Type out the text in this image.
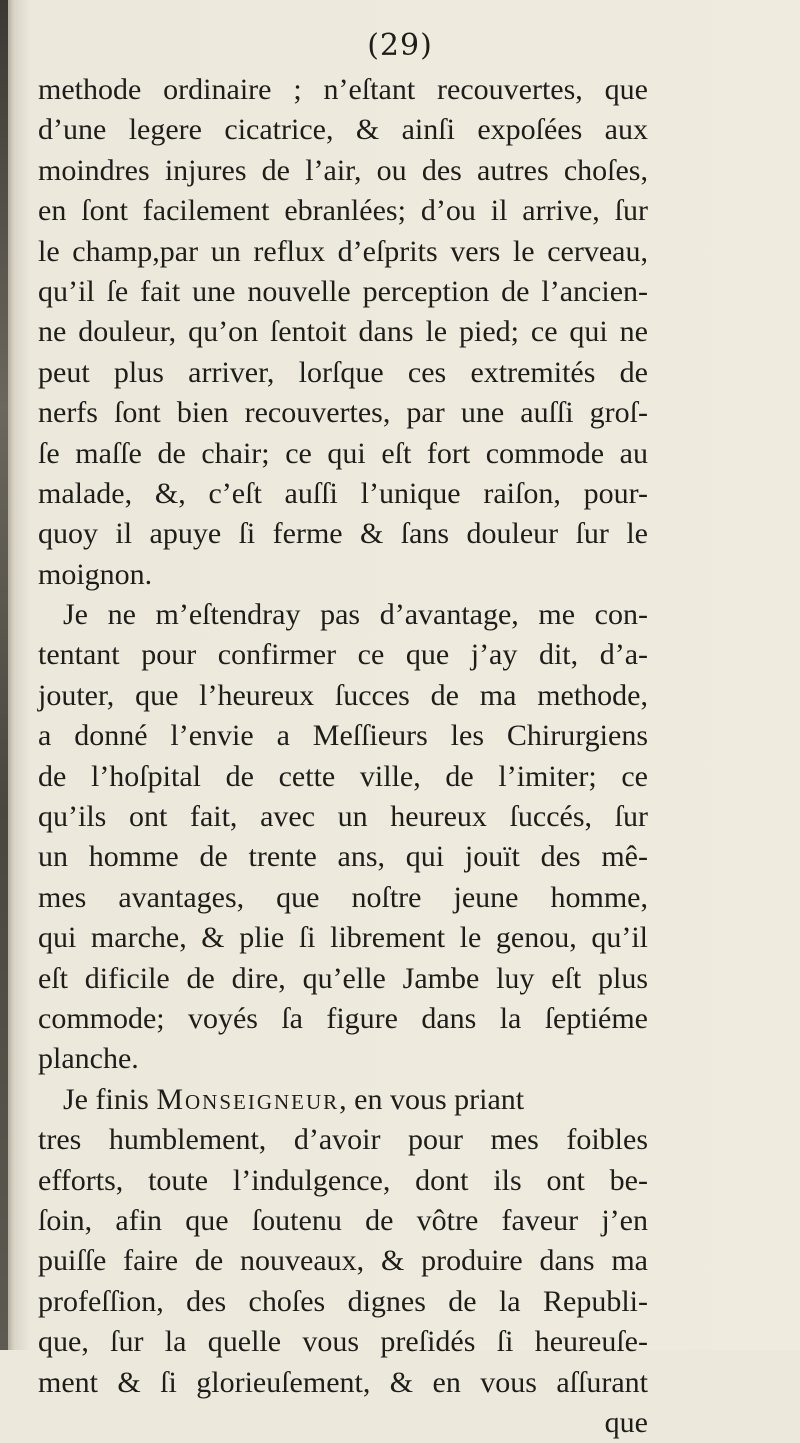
(29)
methode ordinaire ; n’eſtant recouvertes, que
d’une legere cicatrice, & ainſi expoſées aux
moindres injures de l’air, ou des autres choſes,
en ſont facilement ebranlées; d’ou il arrive, ſur
le champ,par un reflux d’eſprits vers le cerveau,
qu’il ſe fait une nouvelle perception de l’ancien-
ne douleur, qu’on ſentoit dans le pied; ce qui ne
peut plus arriver, lorſque ces extremités de
nerfs ſont bien recouvertes, par une auſſi groſ-
ſe maſſe de chair; ce qui eſt fort commode au
malade, &, c’eſt auſſi l’unique raiſon, pour-
quoy il apuye ſi ferme & ſans douleur ſur le
moignon.
Je ne m’eſtendray pas d’avantage, me con-
tentant pour confirmer ce que j’ay dit, d’a-
jouter, que l’heureux ſucces de ma methode,
a donné l’envie a Meſſieurs les Chirurgiens
de l’hoſpital de cette ville, de l’imiter; ce
qu’ils ont fait, avec un heureux ſuccés, ſur
un homme de trente ans, qui jouït des mê-
mes avantages, que noſtre jeune homme,
qui marche, & plie ſi librement le genou, qu’il
eſt dificile de dire, qu’elle Jambe luy eſt plus
commode; voyés ſa figure dans la ſeptiéme
planche.
Je finis Monseigneur, en vous priant
tres humblement, d’avoir pour mes foibles
efforts, toute l’indulgence, dont ils ont be-
ſoin, afin que ſoutenu de vôtre faveur j’en
puiſſe faire de nouveaux, & produire dans ma
profeſſion, des choſes dignes de la Republi-
que, ſur la quelle vous preſidés ſi heureuſe-
ment & ſi glorieuſement, & en vous aſſurant
que
